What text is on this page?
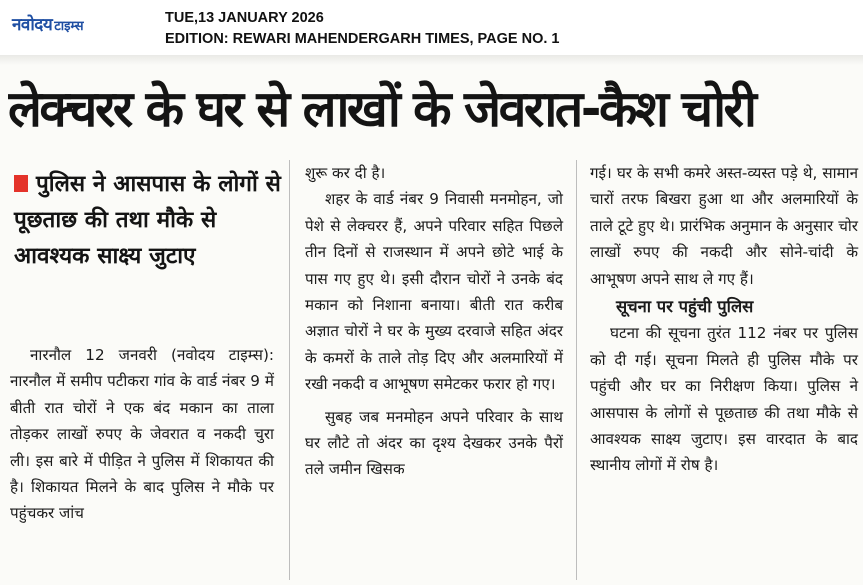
नवोदय टाइम्स
TUE,13 JANUARY 2026
EDITION: REWARI MAHENDERGARH TIMES, PAGE NO. 1
लेक्चरर के घर से लाखों के जेवरात-कैश चोरी
पुलिस ने आसपास के लोगों से पूछताछ की तथा मौके से आवश्यक साक्ष्य जुटाए

नारनौल 12 जनवरी (नवोदय टाइम्स): नारनौल में समीप पटीकरा गांव के वार्ड नंबर 9 में बीती रात चोरों ने एक बंद मकान का ताला तोड़कर लाखों रुपए के जेवरात व नकदी चुरा ली। इस बारे में पीड़ित ने पुलिस में शिकायत की है। शिकायत मिलने के बाद पुलिस ने मौके पर पहुंचकर जांच

शुरू कर दी है।

शहर के वार्ड नंबर 9 निवासी मनमोहन, जो पेशे से लेक्चरर हैं, अपने परिवार सहित पिछले तीन दिनों से राजस्थान में अपने छोटे भाई के पास गए हुए थे। इसी दौरान चोरों ने उनके बंद मकान को निशाना बनाया। बीती रात करीब अज्ञात चोरों ने घर के मुख्य दरवाजे सहित अंदर के कमरों के ताले तोड़ दिए और अलमारियों में रखी नकदी व आभूषण समेटकर फरार हो गए।

सुबह जब मनमोहन अपने परिवार के साथ घर लौटे तो अंदर का दृश्य देखकर उनके पैरों तले जमीन खिसक

गई। घर के सभी कमरे अस्त-व्यस्त पड़े थे, सामान चारों तरफ बिखरा हुआ था और अलमारियों के ताले टूटे हुए थे। प्रारंभिक अनुमान के अनुसार चोर लाखों रुपए की नकदी और सोने-चांदी के आभूषण अपने साथ ले गए हैं।

सूचना पर पहुंची पुलिस

घटना की सूचना तुरंत 112 नंबर पर पुलिस को दी गई। सूचना मिलते ही पुलिस मौके पर पहुंची और घर का निरीक्षण किया। पुलिस ने आसपास के लोगों से पूछताछ की तथा मौके से आवश्यक साक्ष्य जुटाए। इस वारदात के बाद स्थानीय लोगों में रोष है।
